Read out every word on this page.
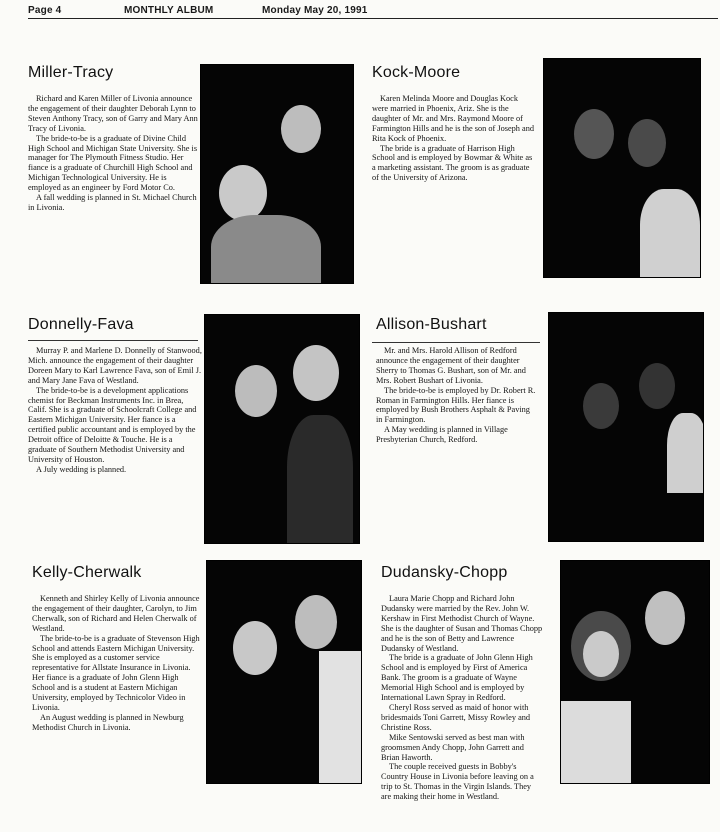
Page 4	MONTHLY ALBUM	Monday May 20, 1991
Miller-Tracy

Richard and Karen Miller of Livonia announce the engagement of their daughter Deborah Lynn to Steven Anthony Tracy, son of Garry and Mary Ann Tracy of Livonia.

The bride-to-be is a graduate of Divine Child High School and Michigan State University. She is manager for The Plymouth Fitness Studio. Her fiance is a graduate of Churchill High School and Michigan Technological University. He is employed as an engineer by Ford Motor Co.

A fall wedding is planned in St. Michael Church in Livonia.

Kock-Moore

Karen Melinda Moore and Douglas Kock were married in Phoenix, Ariz. She is the daughter of Mr. and Mrs. Raymond Moore of Farmington Hills and he is the son of Joseph and Rita Kock of Phoenix.

The bride is a graduate of Harrison High School and is employed by Bowmar & White as a marketing assistant. The groom is as graduate of the University of Arizona.

Donnelly-Fava

Murray P. and Marlene D. Donnelly of Stanwood, Mich. announce the engagement of their daughter Doreen Mary to Karl Lawrence Fava, son of Emil J. and Mary Jane Fava of Westland.

The bride-to-be is a development applications chemist for Beckman Instruments Inc. in Brea, Calif. She is a graduate of Schoolcraft College and Eastern Michigan University. Her fiance is a certified public accountant and is employed by the Detroit office of Deloitte & Touche. He is a graduate of Southern Methodist University and University of Houston.

A July wedding is planned.

Allison-Bushart

Mr. and Mrs. Harold Allison of Redford announce the engagement of their daughter Sherry to Thomas G. Bushart, son of Mr. and Mrs. Robert Bushart of Livonia.

The bride-to-be is employed by Dr. Robert R. Roman in Farmington Hills. Her fiance is employed by Bush Brothers Asphalt & Paving in Farmington.

A May wedding is planned in Village Presbyterian Church, Redford.

Kelly-Cherwalk

Kenneth and Shirley Kelly of Livonia announce the engagement of their daughter, Carolyn, to Jim Cherwalk, son of Richard and Helen Cherwalk of Westland.

The bride-to-be is a graduate of Stevenson High School and attends Eastern Michigan University. She is employed as a customer service representative for Allstate Insurance in Livonia. Her fiance is a graduate of John Glenn High School and is a student at Eastern Michigan University, employed by Technicolor Video in Livonia.

An August wedding is planned in Newburg Methodist Church in Livonia.

Dudansky-Chopp

Laura Marie Chopp and Richard John Dudansky were married by the Rev. John W. Kershaw in First Methodist Church of Wayne. She is the daughter of Susan and Thomas Chopp and he is the son of Betty and Lawrence Dudansky of Westland.

The bride is a graduate of John Glenn High School and is employed by First of America Bank. The groom is a graduate of Wayne Memorial High School and is employed by International Lawn Spray in Redford.

Cheryl Ross served as maid of honor with bridesmaids Toni Garrett, Missy Rowley and Christine Ross.

Mike Sentowski served as best man with groomsmen Andy Chopp, John Garrett and Brian Haworth.

The couple received guests in Bobby's Country House in Livonia before leaving on a trip to St. Thomas in the Virgin Islands. They are making their home in Westland.
